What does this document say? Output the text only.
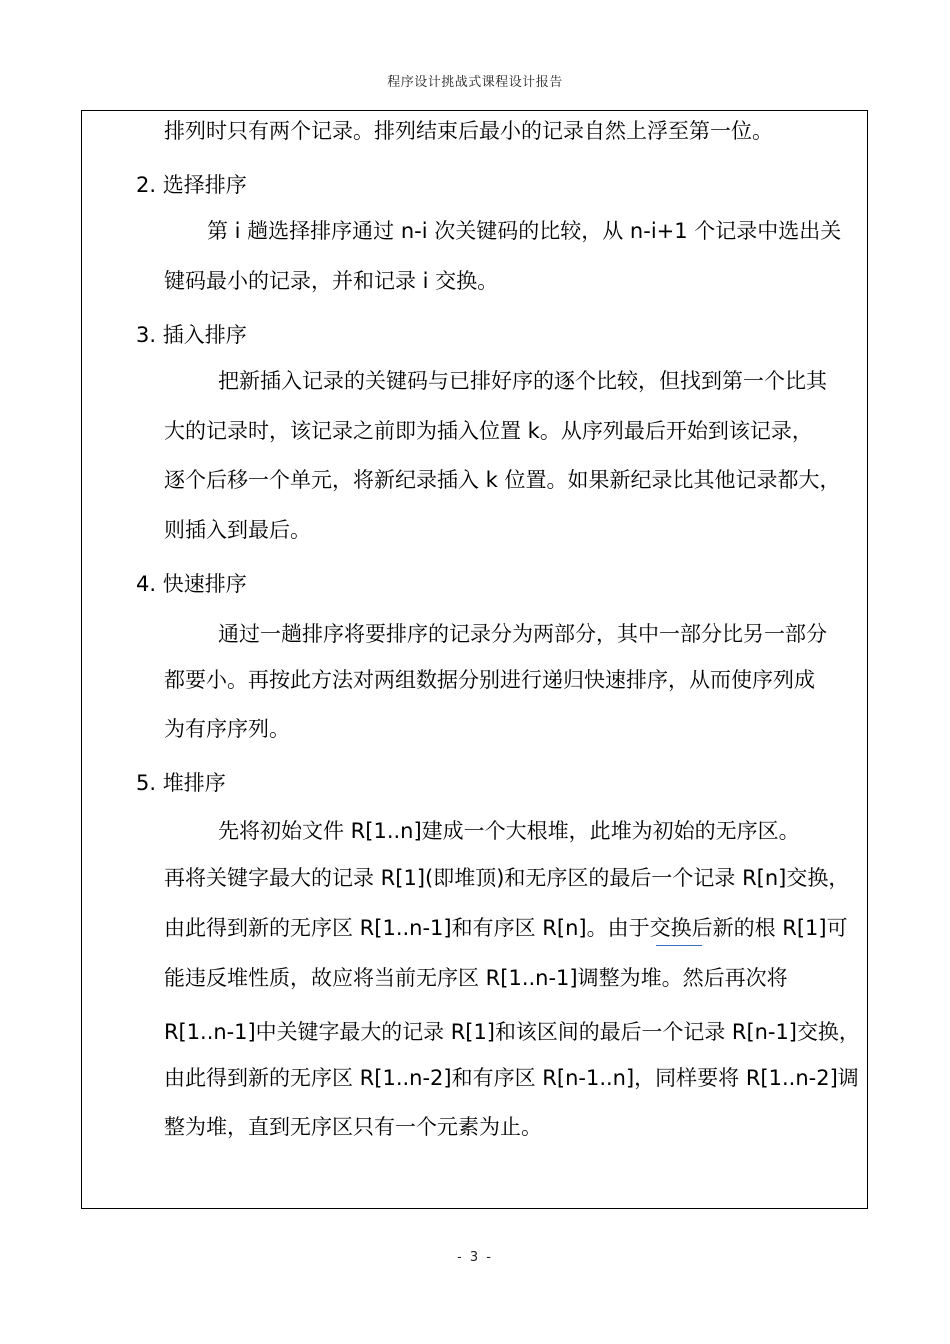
程序设计挑战式课程设计报告
排列时只有两个记录。排列结束后最小的记录自然上浮至第一位。
2. 选择排序
第 i 趟选择排序通过 n-i 次关键码的比较，从 n-i+1 个记录中选出关
键码最小的记录，并和记录 i 交换。
3. 插入排序
把新插入记录的关键码与已排好序的逐个比较，但找到第一个比其
大的记录时，该记录之前即为插入位置 k。从序列最后开始到该记录，
逐个后移一个单元，将新纪录插入 k 位置。如果新纪录比其他记录都大，
则插入到最后。
4. 快速排序
通过一趟排序将要排序的记录分为两部分，其中一部分比另一部分
都要小。再按此方法对两组数据分别进行递归快速排序，从而使序列成
为有序序列。
5. 堆排序
先将初始文件 R[1..n]建成一个大根堆，此堆为初始的无序区。
再将关键字最大的记录 R[1](即堆顶)和无序区的最后一个记录 R[n]交换，
由此得到新的无序区 R[1..n-1]和有序区 R[n]。由于交换后新的根 R[1]可
能违反堆性质，故应将当前无序区 R[1..n-1]调整为堆。然后再次将
R[1..n-1]中关键字最大的记录 R[1]和该区间的最后一个记录 R[n-1]交换，
由此得到新的无序区 R[1..n-2]和有序区 R[n-1..n]，同样要将 R[1..n-2]调
整为堆，直到无序区只有一个元素为止。
- 3 -
